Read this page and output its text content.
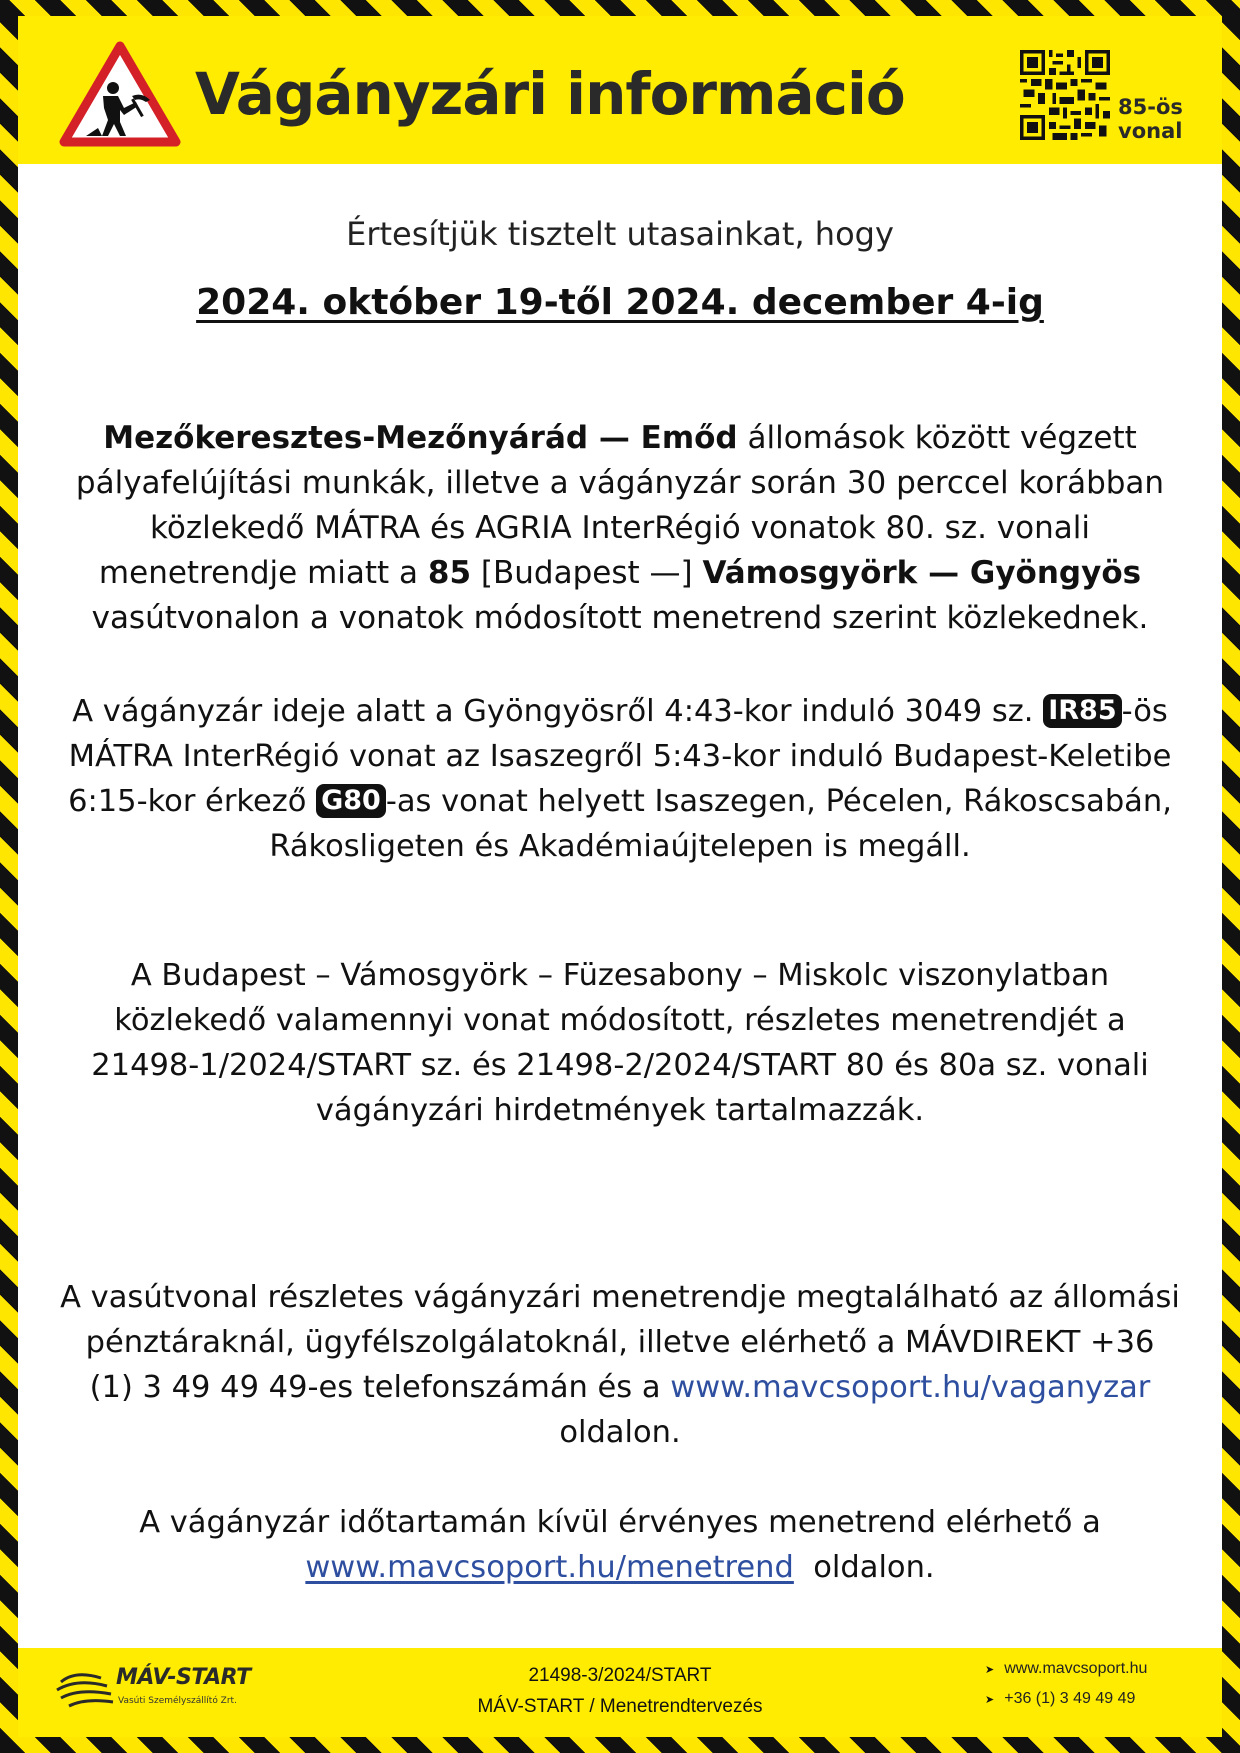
Vágányzári információ	85-ös
vonal
Értesítjük tisztelt utasainkat, hogy
2024. október 19-től 2024. december 4-ig
Mezőkeresztes-Mezőnyárád — Emőd állomások között végzett pályafelújítási munkák, illetve a vágányzár során 30 perccel korábban közlekedő MÁTRA és AGRIA InterRégió vonatok 80. sz. vonali menetrendje miatt a 85 [Budapest —] Vámosgyörk — Gyöngyös vasútvonalon a vonatok módosított menetrend szerint közlekednek.
A vágányzár ideje alatt a Gyöngyösről 4:43-kor induló 3049 sz. IR85 -ös MÁTRA InterRégió vonat az Isaszegről 5:43-kor induló Budapest-Keletibe 6:15-kor érkező G80 -as vonat helyett Isaszegen, Pécelen, Rákoscsabán, Rákosligeten és Akadémiaújtelepen is megáll.
A Budapest – Vámosgyörk – Füzesabony – Miskolc viszonylatban közlekedő valamennyi vonat módosított, részletes menetrendjét a 21498-1/2024/START sz. és 21498-2/2024/START 80 és 80a sz. vonali vágányzári hirdetmények tartalmazzák.
A vasútvonal részletes vágányzári menetrendje megtalálható az állomási pénztáraknál, ügyfélszolgálatoknál, illetve elérhető a MÁVDIREKT +36 (1) 3 49 49 49-es telefonszámán és a www.mavcsoport.hu/vaganyzar oldalon.
A vágányzár időtartamán kívül érvényes menetrend elérhető a
www.mavcsoport.hu/menetrend  oldalon.
MÁV-START
Vasúti Személyszállító Zrt.
21498-3/2024/START
MÁV-START / Menetrendtervezés
➤ www.mavcsoport.hu
➤ +36 (1) 3 49 49 49
